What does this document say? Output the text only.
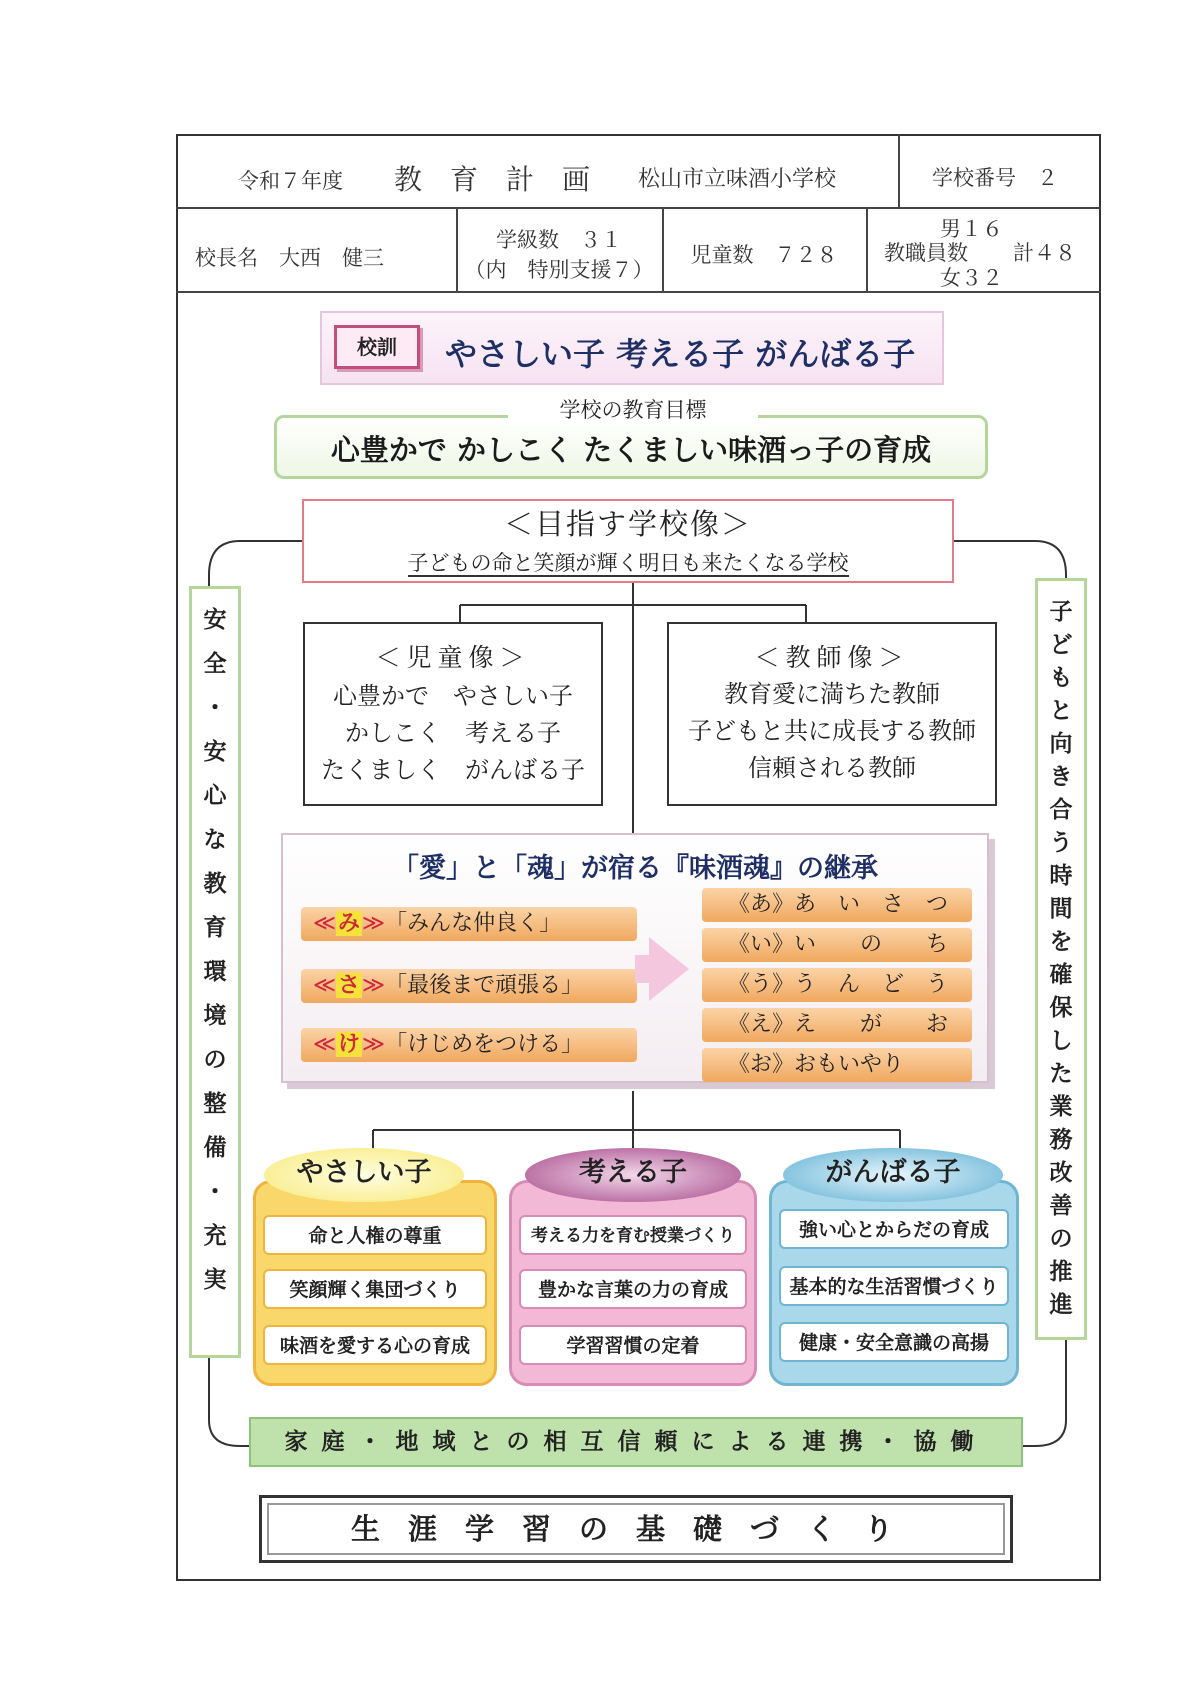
令和７年度 教　育　計　画 松山市立味酒小学校	学校番号　２
校長名　大西　健三
学級数　３１
（内　特別支援７）
児童数　７２８
男１６
教職員数 計４８
女３２
校訓	やさしい子 考える子 がんばる子
学校の教育目標
心豊かで かしこく たくましい味酒っ子の育成
＜目指す学校像＞
子どもの命と笑顔が輝く明日も来たくなる学校
安
全
・
安
心
な
教
育
環
境
の
整
備
・
充
実
子
ど
も
と
向
き
合
う
時
間
を
確
保
し
た
業
務
改
善
の
推
進
＜児童像＞
心豊かで　やさしい子
かしこく　考える子
たくましく　がんばる子
＜教師像＞
教育愛に満ちた教師
子どもと共に成長する教師
信頼される教師
「愛」と「魂」が宿る『味酒魂』の継承
≪み≫「みんな仲良く」
≪さ≫「最後まで頑張る」
≪け≫「けじめをつける」
《あ》あ　い　さ　つ
《い》い　　の　　ち
《う》う　ん　ど　う
《え》え　　が　　お
《お》おもいやり
やさしい子
命と人権の尊重
笑顔輝く集団づくり
味酒を愛する心の育成
考える子
考える力を育む授業づくり
豊かな言葉の力の育成
学習習慣の定着
がんばる子
強い心とからだの育成
基本的な生活習慣づくり
健康・安全意識の高揚
家庭・地域との相互信頼による連携・協働
生涯学習の基礎づくり
